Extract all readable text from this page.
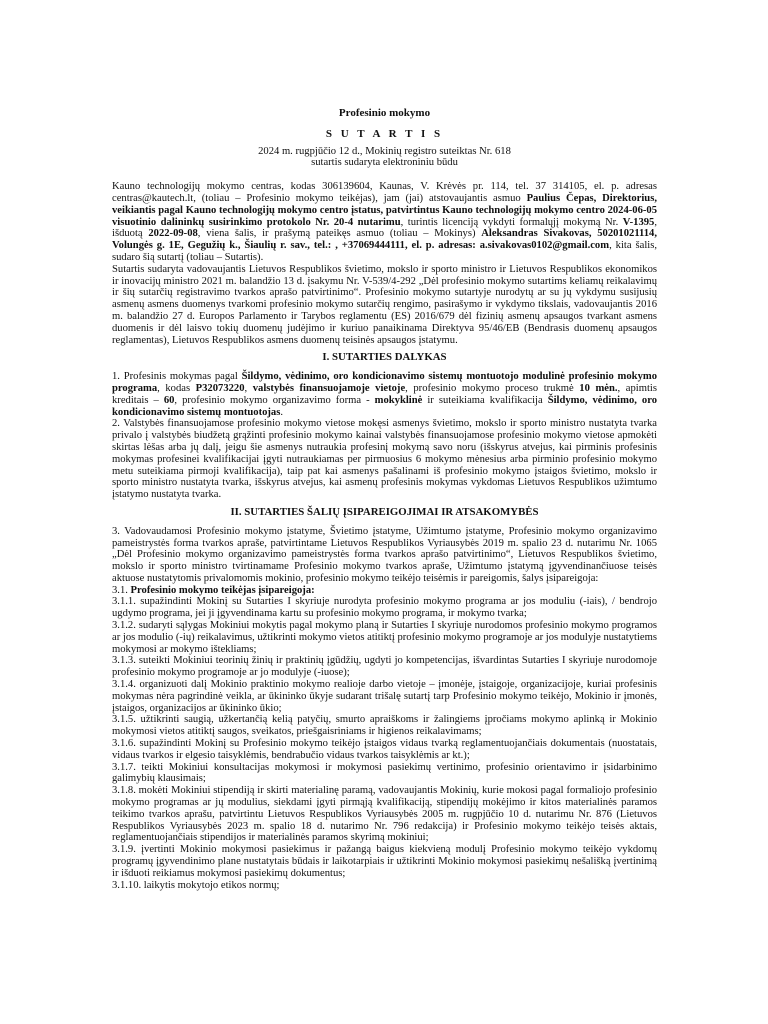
Profesinio mokymo
S U T A R T I S
2024 m. rugpjūčio 12 d., Mokinių registro suteiktas Nr. 618
sutartis sudaryta elektroniniu būdu

Kauno technologijų mokymo centras, kodas 306139604, Kaunas, V. Krėvės pr. 114, tel. 37 314105, el. p. adresas centras@kautech.lt, (toliau – Profesinio mokymo teikėjas), jam (jai) atstovaujantis asmuo Paulius Čepas, Direktorius, veikiantis pagal Kauno technologijų mokymo centro įstatus, patvirtintus Kauno technologijų mokymo centro 2024-06-05 visuotinio dalininkų susirinkimo protokolo Nr. 20-4 nutarimu, turintis licenciją vykdyti formalųjį mokymą Nr. V-1395, išduotą 2022-09-08, viena šalis, ir prašymą pateikęs asmuo (toliau – Mokinys) Aleksandras Sivakovas, 50201021114, Volungės g. 1E, Gegužių k., Šiaulių r. sav., tel.: , +37069444111, el. p. adresas: a.sivakovas0102@gmail.com, kita šalis, sudaro šią sutartį (toliau – Sutartis).

Sutartis sudaryta vadovaujantis Lietuvos Respublikos švietimo, mokslo ir sporto ministro ir Lietuvos Respublikos ekonomikos ir inovacijų ministro 2021 m. balandžio 13 d. įsakymu Nr. V-539/4-292 „Dėl profesinio mokymo sutartims keliamų reikalavimų ir šių sutarčių registravimo tvarkos aprašo patvirtinimo“. Profesinio mokymo sutartyje nurodytų ar su jų vykdymu susijusių asmenų asmens duomenys tvarkomi profesinio mokymo sutarčių rengimo, pasirašymo ir vykdymo tikslais, vadovaujantis 2016 m. balandžio 27 d. Europos Parlamento ir Tarybos reglamentu (ES) 2016/679 dėl fizinių asmenų apsaugos tvarkant asmens duomenis ir dėl laisvo tokių duomenų judėjimo ir kuriuo panaikinama Direktyva 95/46/EB (Bendrasis duomenų apsaugos reglamentas), Lietuvos Respublikos asmens duomenų teisinės apsaugos įstatymu.

I. SUTARTIES DALYKAS

1. Profesinis mokymas pagal Šildymo, vėdinimo, oro kondicionavimo sistemų montuotojo modulinė profesinio mokymo programa, kodas P32073220, valstybės finansuojamoje vietoje, profesinio mokymo proceso trukmė 10 mėn., apimtis kreditais – 60, profesinio mokymo organizavimo forma - mokyklinė ir suteikiama kvalifikacija Šildymo, vėdinimo, oro kondicionavimo sistemų montuotojas.

2. Valstybės finansuojamose profesinio mokymo vietose mokęsi asmenys švietimo, mokslo ir sporto ministro nustatyta tvarka privalo į valstybės biudžetą grąžinti profesinio mokymo kainai valstybės finansuojamose profesinio mokymo vietose apmokėti skirtas lėšas arba jų dalį, jeigu šie asmenys nutraukia profesinį mokymą savo noru (išskyrus atvejus, kai pirminis profesinis mokymas profesinei kvalifikacijai įgyti nutraukiamas per pirmuosius 6 mokymo mėnesius arba pirminio profesinio mokymo metu suteikiama pirmoji kvalifikacija), taip pat kai asmenys pašalinami iš profesinio mokymo įstaigos švietimo, mokslo ir sporto ministro nustatyta tvarka, išskyrus atvejus, kai asmenų profesinis mokymas vykdomas Lietuvos Respublikos užimtumo įstatymo nustatyta tvarka.

II. SUTARTIES ŠALIŲ ĮSIPAREIGOJIMAI IR ATSAKOMYBĖS

3. Vadovaudamosi Profesinio mokymo įstatyme, Švietimo įstatyme, Užimtumo įstatyme, Profesinio mokymo organizavimo pameistrystės forma tvarkos apraše, patvirtintame Lietuvos Respublikos Vyriausybės 2019 m. spalio 23 d. nutarimu Nr. 1065 „Dėl Profesinio mokymo organizavimo pameistrystės forma tvarkos aprašo patvirtinimo“, Lietuvos Respublikos švietimo, mokslo ir sporto ministro tvirtinamame Profesinio mokymo tvarkos apraše, Užimtumo įstatymą įgyvendinančiuose teisės aktuose nustatytomis privalomomis mokinio, profesinio mokymo teikėjo teisėmis ir pareigomis, šalys įsipareigoja:

3.1. Profesinio mokymo teikėjas įsipareigoja:

3.1.1. supažindinti Mokinį su Sutarties I skyriuje nurodyta profesinio mokymo programa ar jos moduliu (-iais), / bendrojo ugdymo programa, jei ji įgyvendinama kartu su profesinio mokymo programa, ir mokymo tvarka;

3.1.2. sudaryti sąlygas Mokiniui mokytis pagal mokymo planą ir Sutarties I skyriuje nurodomos profesinio mokymo programos ar jos modulio (-ių) reikalavimus, užtikrinti mokymo vietos atitiktį profesinio mokymo programoje ar jos modulyje nustatytiems mokymosi ar mokymo ištekliams;

3.1.3. suteikti Mokiniui teorinių žinių ir praktinių įgūdžių, ugdyti jo kompetencijas, išvardintas Sutarties I skyriuje nurodomoje profesinio mokymo programoje ar jo modulyje (-iuose);

3.1.4. organizuoti dalį Mokinio praktinio mokymo realioje darbo vietoje – įmonėje, įstaigoje, organizacijoje, kuriai profesinis mokymas nėra pagrindinė veikla, ar ūkininko ūkyje sudarant trišalę sutartį tarp Profesinio mokymo teikėjo, Mokinio ir įmonės, įstaigos, organizacijos ar ūkininko ūkio;

3.1.5. užtikrinti saugią, užkertančią kelią patyčių, smurto apraiškoms ir žalingiems įpročiams mokymo aplinką ir Mokinio mokymosi vietos atitiktį saugos, sveikatos, priešgaisriniams ir higienos reikalavimams;

3.1.6. supažindinti Mokinį su Profesinio mokymo teikėjo įstaigos vidaus tvarką reglamentuojančiais dokumentais (nuostatais, vidaus tvarkos ir elgesio taisyklėmis, bendrabučio vidaus tvarkos taisyklėmis ar kt.);

3.1.7. teikti Mokiniui konsultacijas mokymosi ir mokymosi pasiekimų vertinimo, profesinio orientavimo ir įsidarbinimo galimybių klausimais;

3.1.8. mokėti Mokiniui stipendiją ir skirti materialinę paramą, vadovaujantis Mokinių, kurie mokosi pagal formaliojo profesinio mokymo programas ar jų modulius, siekdami įgyti pirmąją kvalifikaciją, stipendijų mokėjimo ir kitos materialinės paramos teikimo tvarkos aprašu, patvirtintu Lietuvos Respublikos Vyriausybės 2005 m. rugpjūčio 10 d. nutarimu Nr. 876 (Lietuvos Respublikos Vyriausybės 2023 m. spalio 18 d. nutarimo Nr. 796 redakcija) ir Profesinio mokymo teikėjo teisės aktais, reglamentuojančiais stipendijos ir materialinės paramos skyrimą mokiniui;

3.1.9. įvertinti Mokinio mokymosi pasiekimus ir pažangą baigus kiekvieną modulį Profesinio mokymo teikėjo vykdomų programų įgyvendinimo plane nustatytais būdais ir laikotarpiais ir užtikrinti Mokinio mokymosi pasiekimų nešališką įvertinimą ir išduoti reikiamus mokymosi pasiekimų dokumentus;

3.1.10. laikytis mokytojo etikos normų;
